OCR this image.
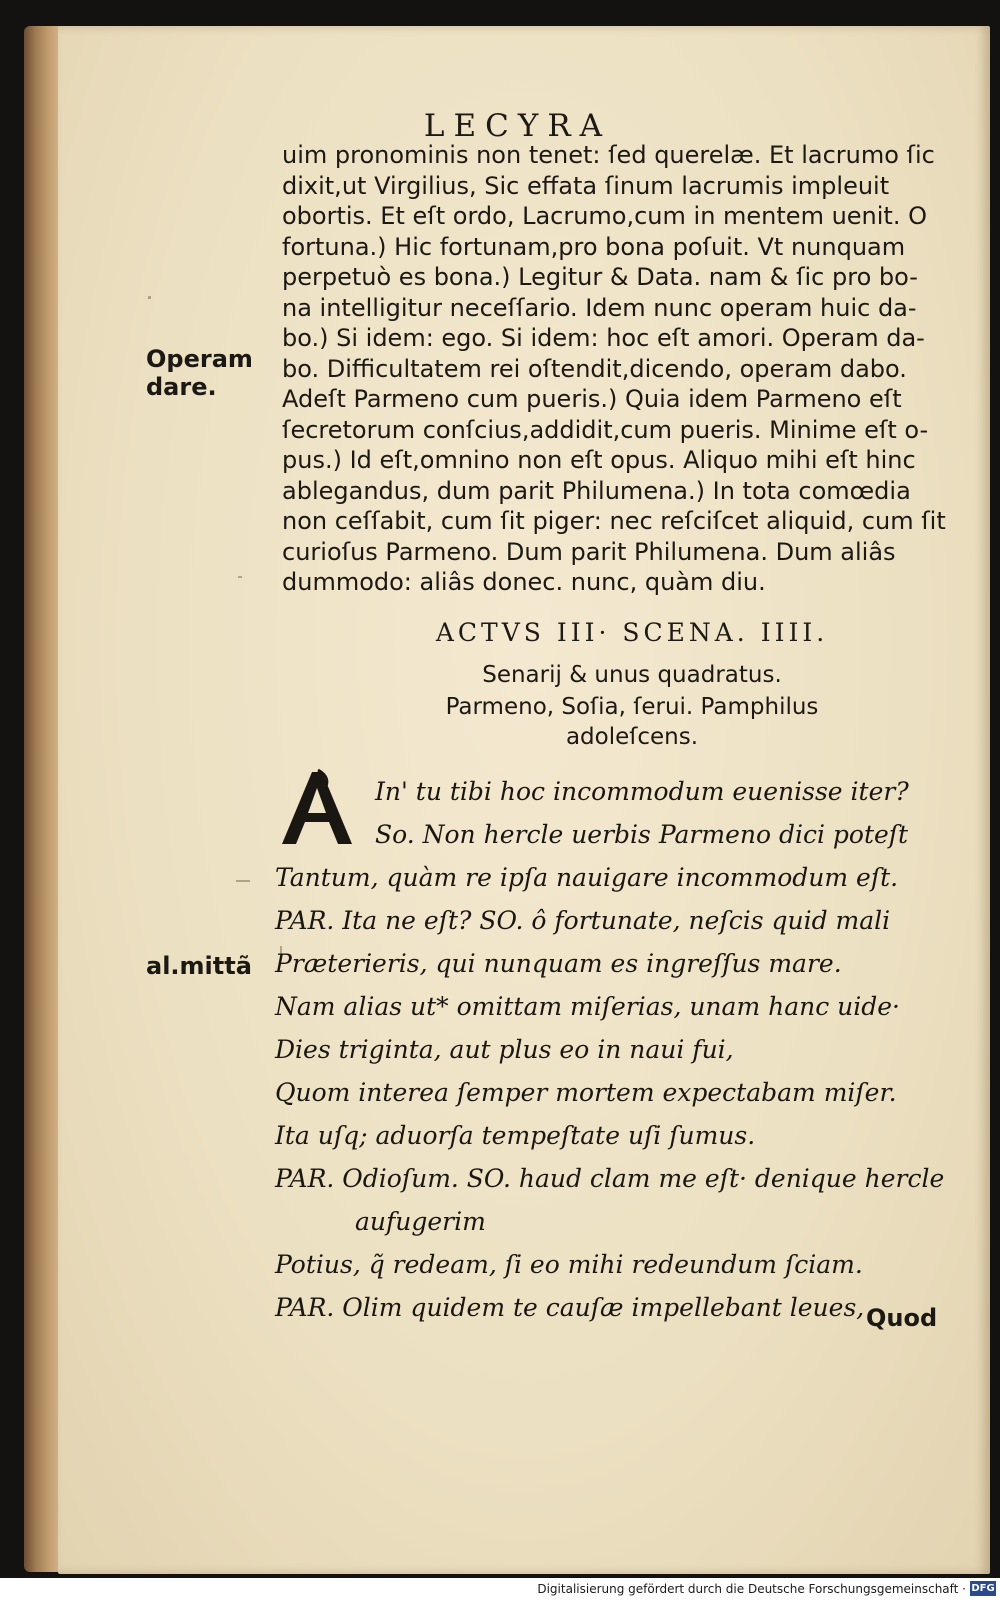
LECYRA
Operam
dare.
al.mittã
uim pronominis non tenet: ſed querelæ. Et lacrumo ſic
dixit,ut Virgilius, Sic effata ſinum lacrumis impleuit
obortis. Et eſt ordo, Lacrumo,cum in mentem uenit. O
fortuna.) Hic fortunam,pro bona poſuit. Vt nunquam
perpetuò es bona.) Legitur & Data. nam & ſic pro bo-
na intelligitur neceſſario. Idem nunc operam huic da-
bo.) Si idem: ego. Si idem: hoc eſt amori. Operam da-
bo. Difficultatem rei oſtendit,dicendo, operam dabo.
Adeſt Parmeno cum pueris.) Quia idem Parmeno eſt
ſecretorum conſcius,addidit,cum pueris. Minime eſt o-
pus.) Id eſt,omnino non eſt opus. Aliquo mihi eſt hinc
ablegandus, dum parit Philumena.) In tota comœdia
non ceſſabit, cum ſit piger: nec reſciſcet aliquid, cum ſit
curioſus Parmeno. Dum parit Philumena. Dum aliâs
dummodo: aliâs donec. nunc, quàm diu.
ACTVS III· SCENA. IIII.
Senarij & unus quadratus.
Parmeno, Soſia, ſerui. Pamphilus
adoleſcens.
A
In' tu tibi hoc incommodum euenisse iter?
So. Non hercle uerbis Parmeno dici poteſt
Tantum, quàm re ipſa nauigare incommodum eſt.
PAR. Ita ne eſt? SO. ô fortunate, neſcis quid mali
Præterieris, qui nunquam es ingreſſus mare.
Nam alias ut* omittam miſerias, unam hanc uide·
Dies triginta, aut plus eo in naui fui,
Quom interea ſemper mortem expectabam miſer.
Ita uſq; aduorſa tempeſtate uſi ſumus.
PAR. Odioſum. SO. haud clam me eſt· denique hercle
aufugerim
Potius, q̃ redeam, ſi eo mihi redeundum ſciam.
PAR. Olim quidem te cauſæ impellebant leues, Quod
Digitalisierung gefördert durch die Deutsche Forschungsgemeinschaft · DFG
